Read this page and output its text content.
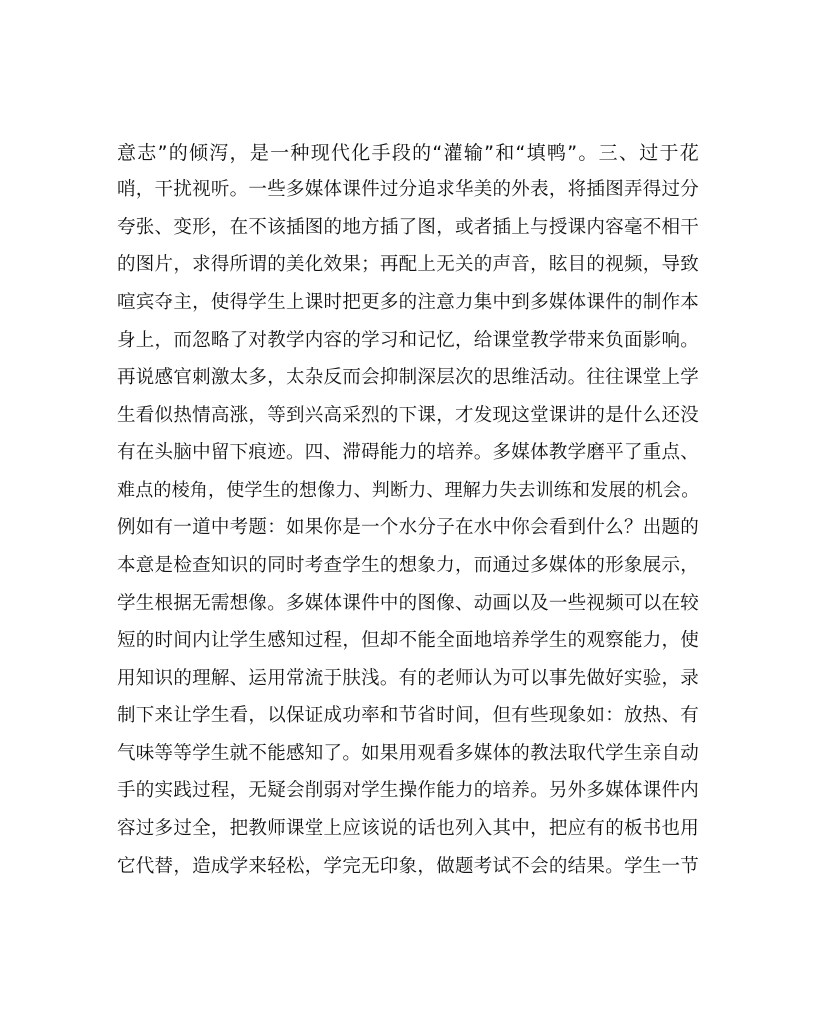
意志”的倾泻，是一种现代化手段的“灌输”和“填鸭”。三、过于花
哨，干扰视听。一些多媒体课件过分追求华美的外表，将插图弄得过分
夸张、变形，在不该插图的地方插了图，或者插上与授课内容毫不相干
的图片，求得所谓的美化效果；再配上无关的声音，眩目的视频，导致
喧宾夺主，使得学生上课时把更多的注意力集中到多媒体课件的制作本
身上，而忽略了对教学内容的学习和记忆，给课堂教学带来负面影响。
再说感官刺激太多，太杂反而会抑制深层次的思维活动。往往课堂上学
生看似热情高涨，等到兴高采烈的下课，才发现这堂课讲的是什么还没
有在头脑中留下痕迹。四、滞碍能力的培养。多媒体教学磨平了重点、
难点的棱角，使学生的想像力、判断力、理解力失去训练和发展的机会。
例如有一道中考题：如果你是一个水分子在水中你会看到什么？出题的
本意是检查知识的同时考查学生的想象力，而通过多媒体的形象展示，
学生根据无需想像。多媒体课件中的图像、动画以及一些视频可以在较
短的时间内让学生感知过程，但却不能全面地培养学生的观察能力，使
用知识的理解、运用常流于肤浅。有的老师认为可以事先做好实验，录
制下来让学生看，以保证成功率和节省时间，但有些现象如：放热、有
气味等等学生就不能感知了。如果用观看多媒体的教法取代学生亲自动
手的实践过程，无疑会削弱对学生操作能力的培养。另外多媒体课件内
容过多过全，把教师课堂上应该说的话也列入其中，把应有的板书也用
它代替，造成学来轻松，学完无印象，做题考试不会的结果。学生一节
